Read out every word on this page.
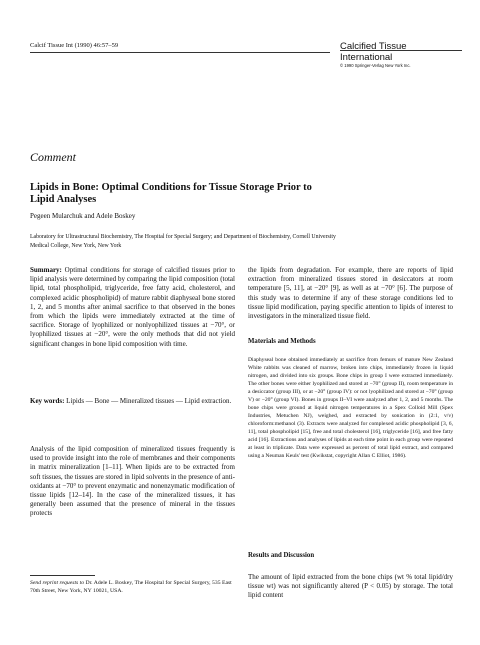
Calcif Tissue Int (1990) 46:57–59	Calcified Tissue
International
© 1990 Springer-Verlag New York Inc.
Comment
Lipids in Bone: Optimal Conditions for Tissue Storage Prior to
Lipid Analyses
Pegeen Mularchuk and Adele Boskey
Laboratory for Ultrastructural Biochemistry, The Hospital for Special Surgery; and Department of Biochemistry, Cornell University
Medical College, New York, New York

Summary: Optimal conditions for storage of calcified tissues prior to lipid analysis were determined by comparing the lipid composition (total lipid, total phospholipid, triglyceride, free fatty acid, cholesterol, and complexed acidic phospholipid) of mature rabbit diaphyseal bone stored 1, 2, and 5 months after animal sacrifice to that observed in the bones from which the lipids were immediately extracted at the time of sacrifice. Storage of lyophilized or nonlyophilized tissues at −70°, or lyophilized tissues at −20°, were the only methods that did not yield significant changes in bone lipid composition with time.

Key words: Lipids — Bone — Mineralized tissues — Lipid extraction.

Analysis of the lipid composition of mineralized tissues frequently is used to provide insight into the role of membranes and their components in matrix mineralization [1–11]. When lipids are to be extracted from soft tissues, the tissues are stored in lipid solvents in the presence of anti-oxidants at −70° to prevent enzymatic and nonenzymatic modification of tissue lipids [12–14]. In the case of the mineralized tissues, it has generally been assumed that the presence of mineral in the tissues protects

Send reprint requests to Dr. Adele L. Boskey, The Hospital for Special Surgery, 535 East 70th Street, New York, NY 10021, USA.

the lipids from degradation. For example, there are reports of lipid extraction from mineralized tissues stored in desiccators at room temperature [5, 11], at −20° [9], as well as at −70° [6]. The purpose of this study was to determine if any of these storage conditions led to tissue lipid modification, paying specific attention to lipids of interest to investigators in the mineralized tissue field.

Materials and Methods

Diaphyseal bone obtained immediately at sacrifice from femurs of mature New Zealand White rabbits was cleaned of marrow, broken into chips, immediately frozen in liquid nitrogen, and divided into six groups. Bone chips in group I were extracted immediately. The other bones were either lyophilized and stored at −70° (group II), room temperature in a desiccator (group III), or at −20° (group IV): or not lyophilized and stored at −70° (group V) or −20° (group VI). Bones in groups II–VI were analyzed after 1, 2, and 5 months. The bone chips were ground at liquid nitrogen temperatures in a Spex Colloid Mill (Spex Industries, Metuchen NJ), weighed, and extracted by sonication in (2:1, v/v) chloroform:methanol (3). Extracts were analyzed for complexed acidic phospholipid [3, 6, 11], total phospholipid [15], free and total cholesterol [16], triglyceride [16], and free fatty acid [16]. Extractions and analyses of lipids at each time point in each group were repeated at least in triplicate. Data were expressed as percent of total lipid extract, and compared using a Neuman Keuls' test (Kwikstat, copyright Allan C Elliot, 1986).

Results and Discussion

The amount of lipid extracted from the bone chips (wt % total lipid/dry tissue wt) was not significantly altered (P < 0.05) by storage. The total lipid content
